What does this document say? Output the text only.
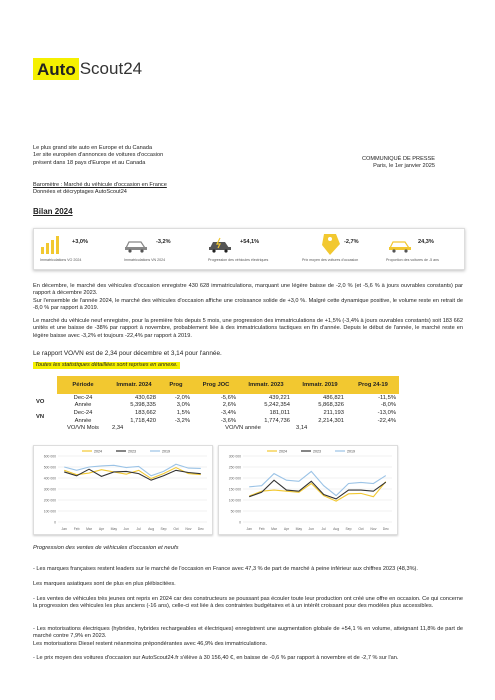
Auto Scout24
Le plus grand site auto en Europe et du Canada
1er site européen d'annonces de voitures d'occasion
présent dans 18 pays d'Europe et au Canada
COMMUNIQUÉ DE PRESSE
Paris, le 1er janvier 2025
Baromètre : Marché du véhicule d'occasion en France
Données et décryptages AutoScout24
Bilan 2024
+3,0%
Immatriculations VO 2024
-3,2%
Immatriculations VN 2024
+54,1%
Progression des véhicules électriques
-2,7%
Prix moyen des voitures d'occasion
24,3%
Proportion des voitures de -5 ans
En décembre, le marché des véhicules d'occasion enregistre 430 628 immatriculations, marquant une légère baisse de -2,0 % (et -5,6 % à jours ouvrables constants) par rapport à décembre 2023.
Sur l'ensemble de l'année 2024, le marché des véhicules d'occasion affiche une croissance solide de +3,0 %. Malgré cette dynamique positive, le volume reste en retrait de -8,0 % par rapport à 2019.
Le marché du véhicule neuf enregistre, pour la première fois depuis 5 mois, une progression des immatriculations de +1,5% (-3,4% à jours ouvrables constants) soit 183 662 unités et une baisse de -38% par rapport à novembre, probablement liée à des immatriculations tactiques en fin d'année. Depuis le début de l'année, le marché reste en légère baisse avec -3,2% et toujours -22,4% par rapport à 2019.
Le rapport VO/VN est de 2,34 pour décembre et 3,14 pour l'année.
Toutes les statistiques détaillées sont reprises en annexe.
	Période	Immatr. 2024	Prog	Prog JOC	Immatr. 2023	Immatr. 2019	Prog 24-19
VO	Dec-24	430,628	-2,0%	-5,6%	439,221	486,821	-11,5%
	Année	5,398,335	3,0%	2,6%	5,242,354	5,868,326	-8,0%
VN	Dec-24	183,662	1,5%	-3,4%	181,011	211,193	-13,0%
	Année	1,718,420	-3,2%	-3,6%	1,774,736	2,214,301	-22,4%
	VO/VN Mois	2,34		VO/VN année		3,14	
600 000
500 000
400 000
300 000
200 000
100 000
0
Jan Feb Mar Apr May Jun Jul Aug Sep Oct Nov Dec
2024	2023	2019
300 000
250 000
200 000
150 000
100 000
50 000
0
Jan Feb Mar Apr May Jun Jul Aug Sep Oct Nov Dec
2024	2023	2019
Progression des ventes de véhicules d'occasion et neufs
- Les marques françaises restent leaders sur le marché de l'occasion en France avec 47,3 % de part de marché à peine inférieur aux chiffres 2023 (48,3%).
Les marques asiatiques sont de plus en plus plébiscitées.
- Les ventes de véhicules très jeunes ont repris en 2024 car des constructeurs se poussant pas écouler toute leur production ont créé une offre en occasion. Ce qui concerne la progression des véhicules les plus anciens (-16 ans), celle-ci est liée à des contraintes budgétaires et à un intérêt croissant pour des modèles plus accessibles.
- Les motorisations électriques (hybrides, hybrides rechargeables et électriques) enregistrent une augmentation globale de +54,1 % en volume, atteignant 11,8% de part de marché contre 7,9% en 2023.
Les motorisations Diesel restent néanmoins prépondérantes avec 46,9% des immatriculations.
- Le prix moyen des voitures d'occasion sur AutoScout24.fr s'élève à 30 156,40 €, en baisse de -0,6 % par rapport à novembre et de -2,7 % sur l'an.
